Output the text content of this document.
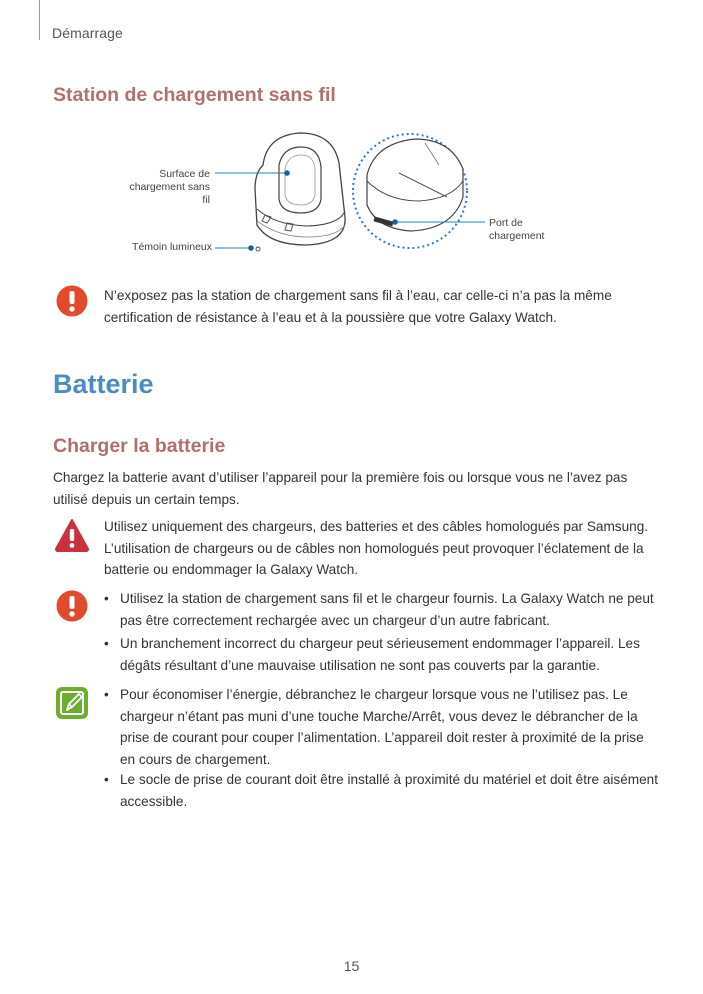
Démarrage
Station de chargement sans fil
Surface de
chargement sans
fil
Témoin lumineux
Port de
chargement
N’exposez pas la station de chargement sans fil à l’eau, car celle-ci n’a pas la même
certification de résistance à l’eau et à la poussière que votre Galaxy Watch.
Batterie
Charger la batterie
Chargez la batterie avant d’utiliser l’appareil pour la première fois ou lorsque vous ne l’avez pas
utilisé depuis un certain temps.
Utilisez uniquement des chargeurs, des batteries et des câbles homologués par Samsung.
L’utilisation de chargeurs ou de câbles non homologués peut provoquer l’éclatement de la
batterie ou endommager la Galaxy Watch.
• Utilisez la station de chargement sans fil et le chargeur fournis. La Galaxy Watch ne peut
pas être correctement rechargée avec un chargeur d’un autre fabricant.
• Un branchement incorrect du chargeur peut sérieusement endommager l’appareil. Les
dégâts résultant d’une mauvaise utilisation ne sont pas couverts par la garantie.
• Pour économiser l’énergie, débranchez le chargeur lorsque vous ne l’utilisez pas. Le
chargeur n’étant pas muni d’une touche Marche/Arrêt, vous devez le débrancher de la
prise de courant pour couper l’alimentation. L’appareil doit rester à proximité de la prise
en cours de chargement.
• Le socle de prise de courant doit être installé à proximité du matériel et doit être aisément
accessible.
15
